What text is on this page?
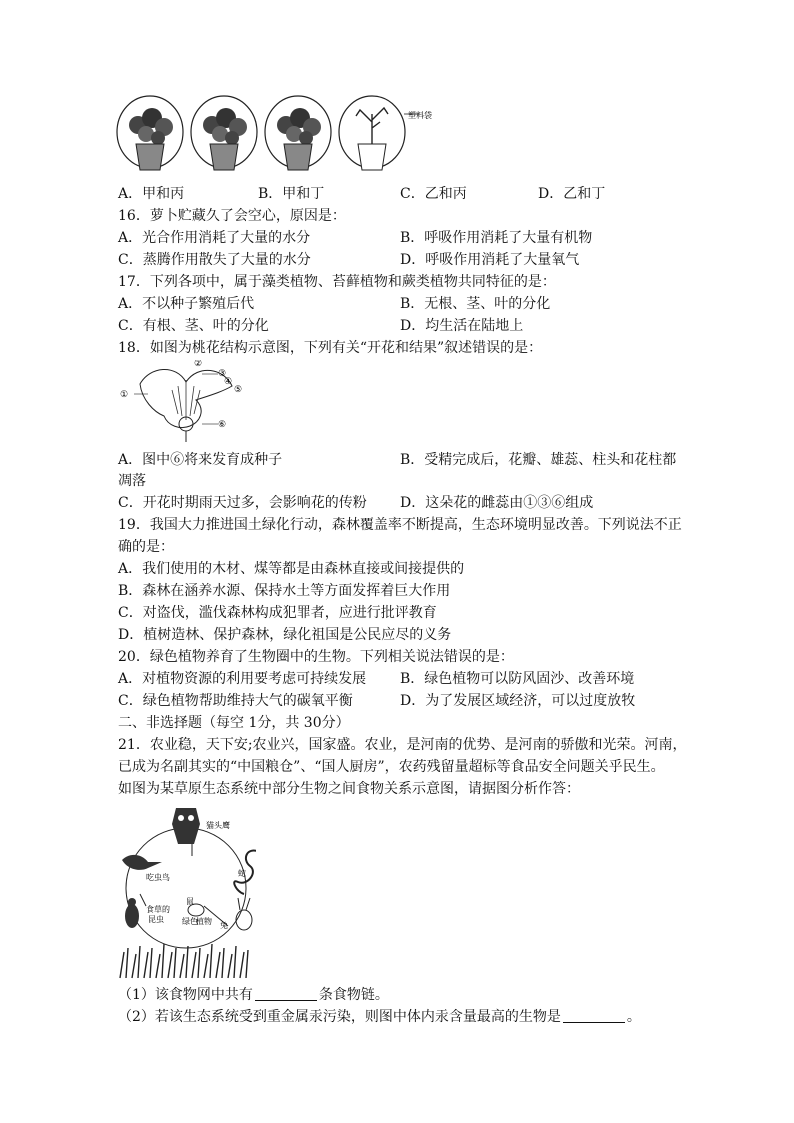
塑料袋
A．甲和丙	B．甲和丁	C．乙和丙	D．乙和丁
16．萝卜贮藏久了会空心，原因是：
A．光合作用消耗了大量的水分	B．呼吸作用消耗了大量有机物
C．蒸腾作用散失了大量的水分	D．呼吸作用消耗了大量氧气
17．下列各项中，属于藻类植物、苔藓植物和蕨类植物共同特征的是：
A．不以种子繁殖后代	B．无根、茎、叶的分化
C．有根、茎、叶的分化	D．均生活在陆地上
18．如图为桃花结构示意图，下列有关“开花和结果”叙述错误的是：
①
②
③
④
⑤
⑥
A．图中⑥将来发育成种子	B．受精完成后，花瓣、雄蕊、柱头和花柱都
凋落
C．开花时期雨天过多，会影响花的传粉 D．这朵花的雌蕊由①③⑥组成
19．我国大力推进国土绿化行动，森林覆盖率不断提高，生态环境明显改善。下列说法不正
确的是：
A．我们使用的木材、煤等都是由森林直接或间接提供的
B．森林在涵养水源、保持水土等方面发挥着巨大作用
C．对盗伐，滥伐森林构成犯罪者，应进行批评教育
D．植树造林、保护森林，绿化祖国是公民应尽的义务
20．绿色植物养育了生物圈中的生物。下列相关说法错误的是：
A．对植物资源的利用要考虑可持续发展 B．绿色植物可以防风固沙、改善环境
C．绿色植物帮助维持大气的碳氧平衡	D．为了发展区域经济，可以过度放牧
二、非选择题（每空 1分，共 30分）
21．农业稳，天下安;农业兴，国家盛。农业，是河南的优势、是河南的骄傲和光荣。河南，
已成为名副其实的“中国粮仓”、“国人厨房”，农药残留量超标等食品安全问题关乎民生。
如图为某草原生态系统中部分生物之间食物关系示意图，请据图分析作答：
猫头鹰
吃虫鸟	蛇
鼠
食草的
昆虫
兔
绿色
植物
（1）该食物网中共有	条食物链。
（2）若该生态系统受到重金属汞污染，则图中体内汞含量最高的生物是	。
